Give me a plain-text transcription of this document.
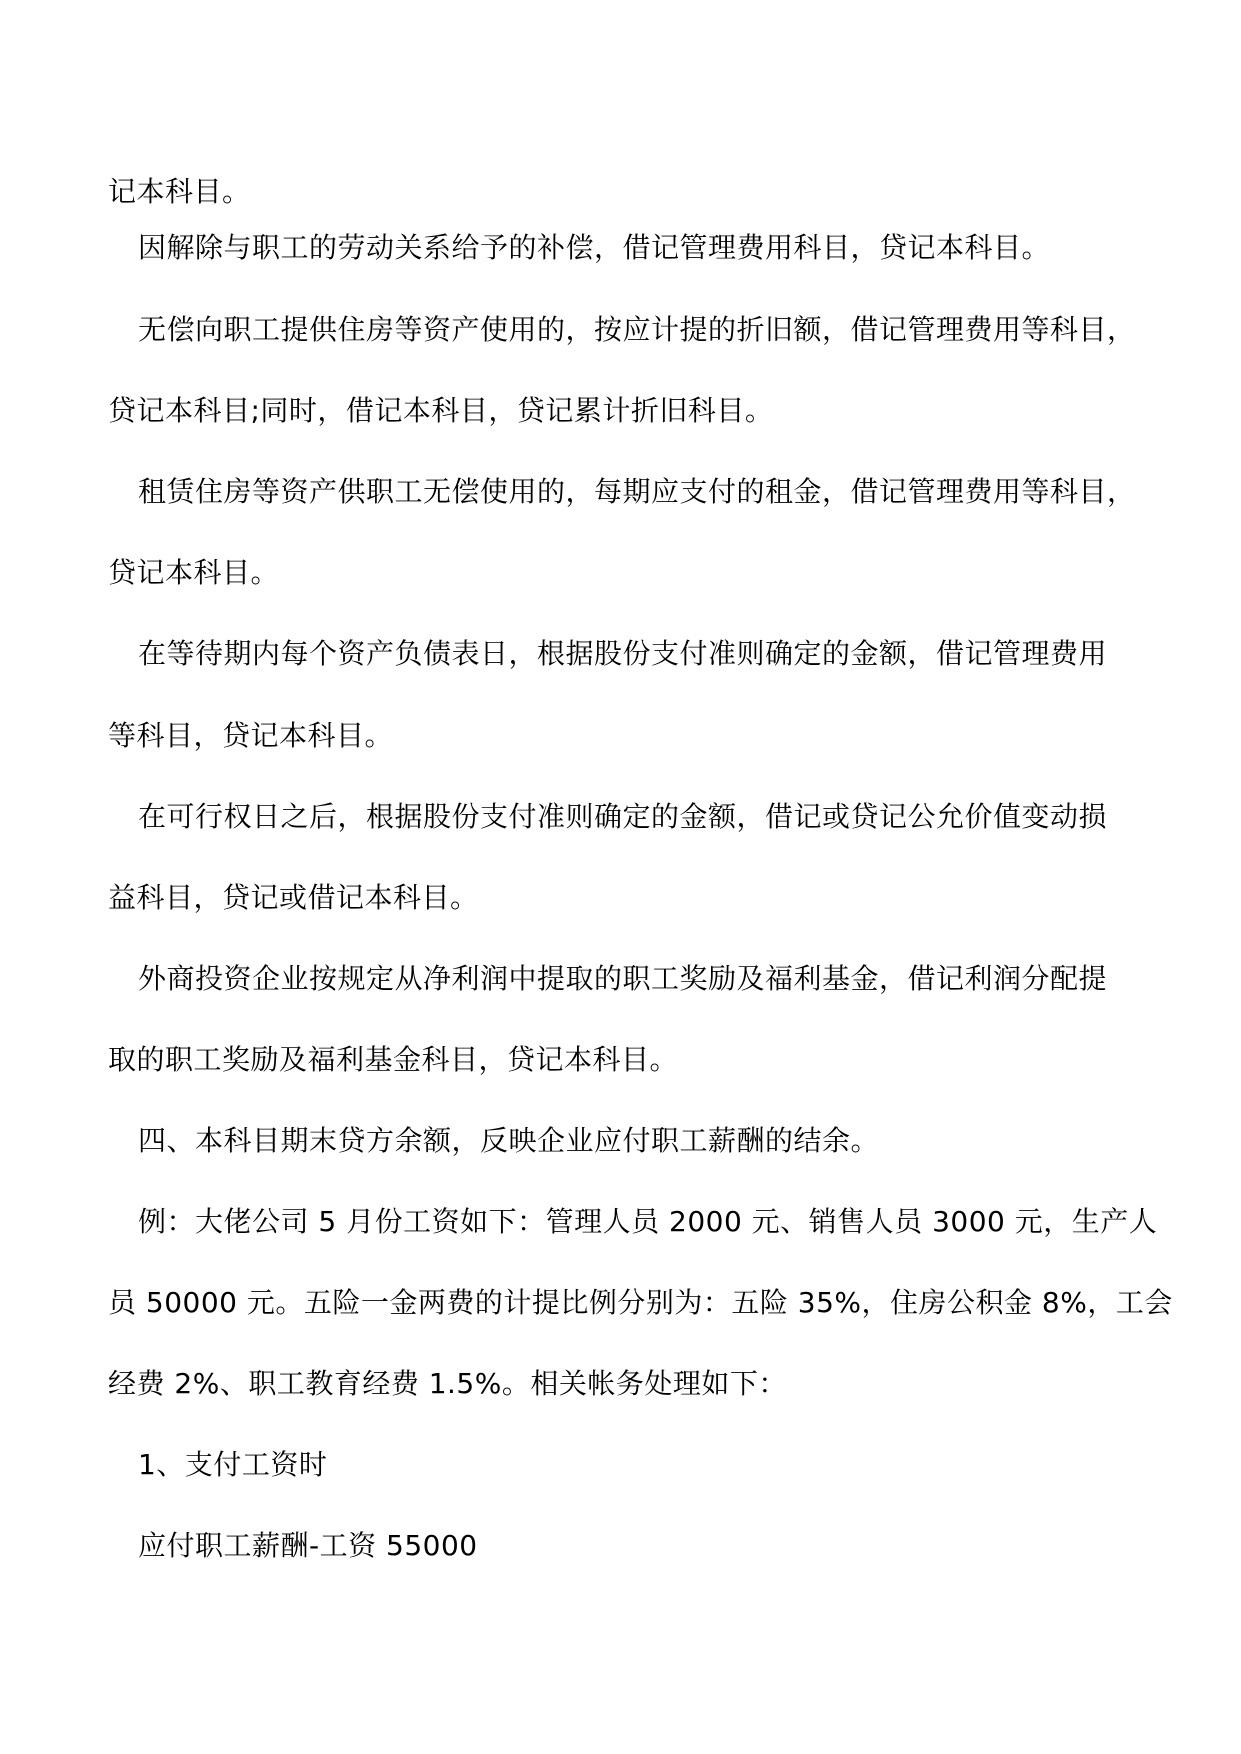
记本科目。
因解除与职工的劳动关系给予的补偿，借记管理费用科目，贷记本科目。
无偿向职工提供住房等资产使用的，按应计提的折旧额，借记管理费用等科目，
贷记本科目;同时，借记本科目，贷记累计折旧科目。
租赁住房等资产供职工无偿使用的，每期应支付的租金，借记管理费用等科目，
贷记本科目。
在等待期内每个资产负债表日，根据股份支付准则确定的金额，借记管理费用
等科目，贷记本科目。
在可行权日之后，根据股份支付准则确定的金额，借记或贷记公允价值变动损
益科目，贷记或借记本科目。
外商投资企业按规定从净利润中提取的职工奖励及福利基金，借记利润分配提
取的职工奖励及福利基金科目，贷记本科目。
四、本科目期末贷方余额，反映企业应付职工薪酬的结余。
例：大佬公司 5 月份工资如下：管理人员 2000 元、销售人员 3000 元，生产人
员 50000 元。五险一金两费的计提比例分别为：五险 35%，住房公积金 8%，工会
经费 2%、职工教育经费 1.5%。相关帐务处理如下：
1、支付工资时
应付职工薪酬-工资 55000
